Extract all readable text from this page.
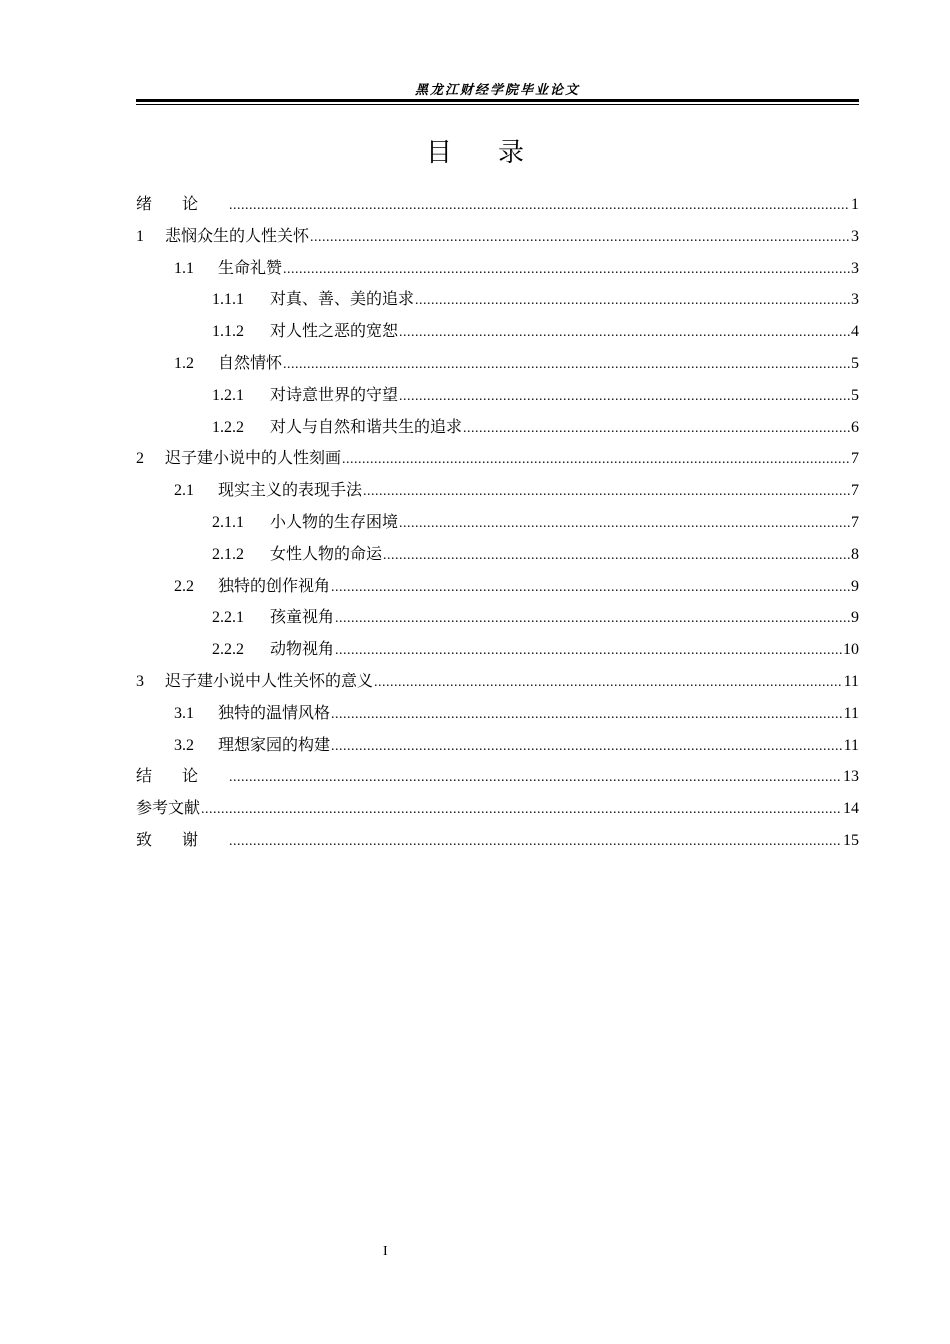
黑龙江财经学院毕业论文
目 录
绪论 .....	1
1	悲悯众生的人性关怀 .....	3
1.1	生命礼赞 .....	3
1.1.1	对真、善、美的追求 .....	3
1.1.2	对人性之恶的宽恕 .....	4
1.2	自然情怀 .....	5
1.2.1	对诗意世界的守望 .....	5
1.2.2	对人与自然和谐共生的追求 .....	6
2	迟子建小说中的人性刻画 .....	7
2.1	现实主义的表现手法 .....	7
2.1.1	小人物的生存困境 .....	7
2.1.2	女性人物的命运 .....	8
2.2	独特的创作视角 .....	9
2.2.1	孩童视角 .....	9
2.2.2	动物视角 .....	10
3	迟子建小说中人性关怀的意义 .....	11
3.1	独特的温情风格 .....	11
3.2	理想家园的构建 .....	11
结论 .....	13
参考文献 .....	14
致谢 .....	15
I
